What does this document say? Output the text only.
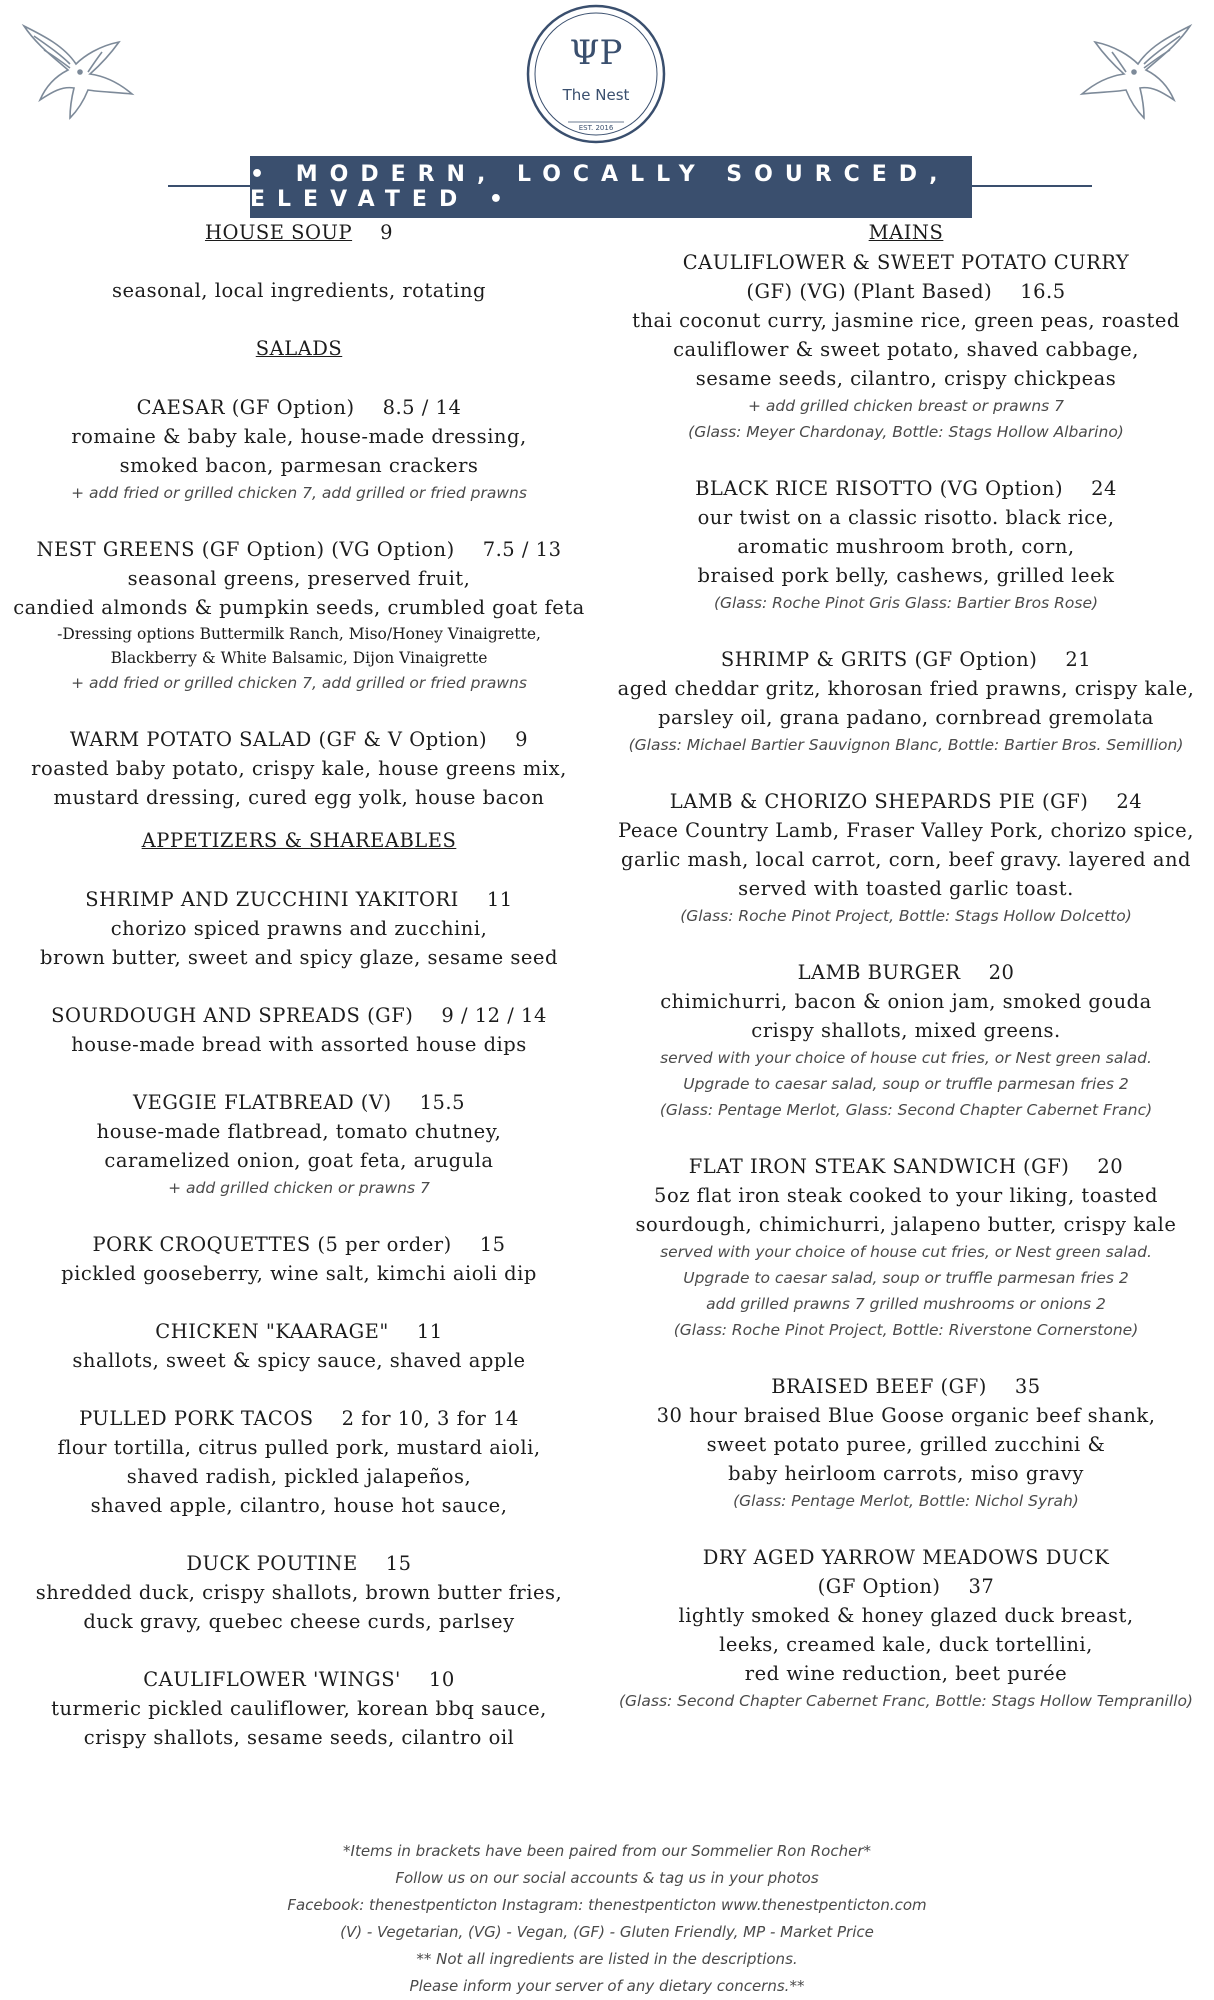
ΨP
The Nest
EST. 2016
• MODERN, LOCALLY SOURCED, ELEVATED •
HOUSE SOUP 9
seasonal, local ingredients, rotating
SALADS
CAESAR (GF Option) 8.5 / 14
romaine & baby kale, house-made dressing,
smoked bacon, parmesan crackers
+ add fried or grilled chicken 7, add grilled or fried prawns
NEST GREENS (GF Option) (VG Option) 7.5 / 13
seasonal greens, preserved fruit,
candied almonds & pumpkin seeds, crumbled goat feta
-Dressing options Buttermilk Ranch, Miso/Honey Vinaigrette,
Blackberry & White Balsamic, Dijon Vinaigrette
+ add fried or grilled chicken 7, add grilled or fried prawns
WARM POTATO SALAD (GF & V Option) 9
roasted baby potato, crispy kale, house greens mix,
mustard dressing, cured egg yolk, house bacon
APPETIZERS & SHAREABLES
SHRIMP AND ZUCCHINI YAKITORI 11
chorizo spiced prawns and zucchini,
brown butter, sweet and spicy glaze, sesame seed
SOURDOUGH AND SPREADS (GF) 9 / 12 / 14
house-made bread with assorted house dips
VEGGIE FLATBREAD (V) 15.5
house-made flatbread, tomato chutney,
caramelized onion, goat feta, arugula
+ add grilled chicken or prawns 7
PORK CROQUETTES (5 per order) 15
pickled gooseberry, wine salt, kimchi aioli dip
CHICKEN "KAARAGE" 11
shallots, sweet & spicy sauce, shaved apple
PULLED PORK TACOS 2 for 10, 3 for 14
flour tortilla, citrus pulled pork, mustard aioli,
shaved radish, pickled jalapeños,
shaved apple, cilantro, house hot sauce,
DUCK POUTINE 15
shredded duck, crispy shallots, brown butter fries,
duck gravy, quebec cheese curds, parlsey
CAULIFLOWER 'WINGS' 10
turmeric pickled cauliflower, korean bbq sauce,
crispy shallots, sesame seeds, cilantro oil
MAINS
CAULIFLOWER & SWEET POTATO CURRY
(GF) (VG) (Plant Based) 16.5
thai coconut curry, jasmine rice, green peas, roasted
cauliflower & sweet potato, shaved cabbage,
sesame seeds, cilantro, crispy chickpeas
+ add grilled chicken breast or prawns 7
(Glass: Meyer Chardonay, Bottle: Stags Hollow Albarino)
BLACK RICE RISOTTO (VG Option) 24
our twist on a classic risotto. black rice,
aromatic mushroom broth, corn,
braised pork belly, cashews, grilled leek
(Glass: Roche Pinot Gris Glass: Bartier Bros Rose)
SHRIMP & GRITS (GF Option) 21
aged cheddar gritz, khorosan fried prawns, crispy kale,
parsley oil, grana padano, cornbread gremolata
(Glass: Michael Bartier Sauvignon Blanc, Bottle: Bartier Bros. Semillion)
LAMB & CHORIZO SHEPARDS PIE (GF) 24
Peace Country Lamb, Fraser Valley Pork, chorizo spice,
garlic mash, local carrot, corn, beef gravy. layered and
served with toasted garlic toast.
(Glass: Roche Pinot Project, Bottle: Stags Hollow Dolcetto)
LAMB BURGER 20
chimichurri, bacon & onion jam, smoked gouda
crispy shallots, mixed greens.
served with your choice of house cut fries, or Nest green salad.
Upgrade to caesar salad, soup or truffle parmesan fries 2
(Glass: Pentage Merlot, Glass: Second Chapter Cabernet Franc)
FLAT IRON STEAK SANDWICH (GF) 20
5oz flat iron steak cooked to your liking, toasted
sourdough, chimichurri, jalapeno butter, crispy kale
served with your choice of house cut fries, or Nest green salad.
Upgrade to caesar salad, soup or truffle parmesan fries 2
add grilled prawns 7 grilled mushrooms or onions 2
(Glass: Roche Pinot Project, Bottle: Riverstone Cornerstone)
BRAISED BEEF (GF) 35
30 hour braised Blue Goose organic beef shank,
sweet potato puree, grilled zucchini &
baby heirloom carrots, miso gravy
(Glass: Pentage Merlot, Bottle: Nichol Syrah)
DRY AGED YARROW MEADOWS DUCK
(GF Option) 37
lightly smoked & honey glazed duck breast,
leeks, creamed kale, duck tortellini,
red wine reduction, beet purée
(Glass: Second Chapter Cabernet Franc, Bottle: Stags Hollow Tempranillo)
*Items in brackets have been paired from our Sommelier Ron Rocher*
Follow us on our social accounts & tag us in your photos
Facebook: thenestpenticton Instagram: thenestpenticton www.thenestpenticton.com
(V) - Vegetarian, (VG) - Vegan, (GF) - Gluten Friendly, MP - Market Price
** Not all ingredients are listed in the descriptions.
Please inform your server of any dietary concerns.**
